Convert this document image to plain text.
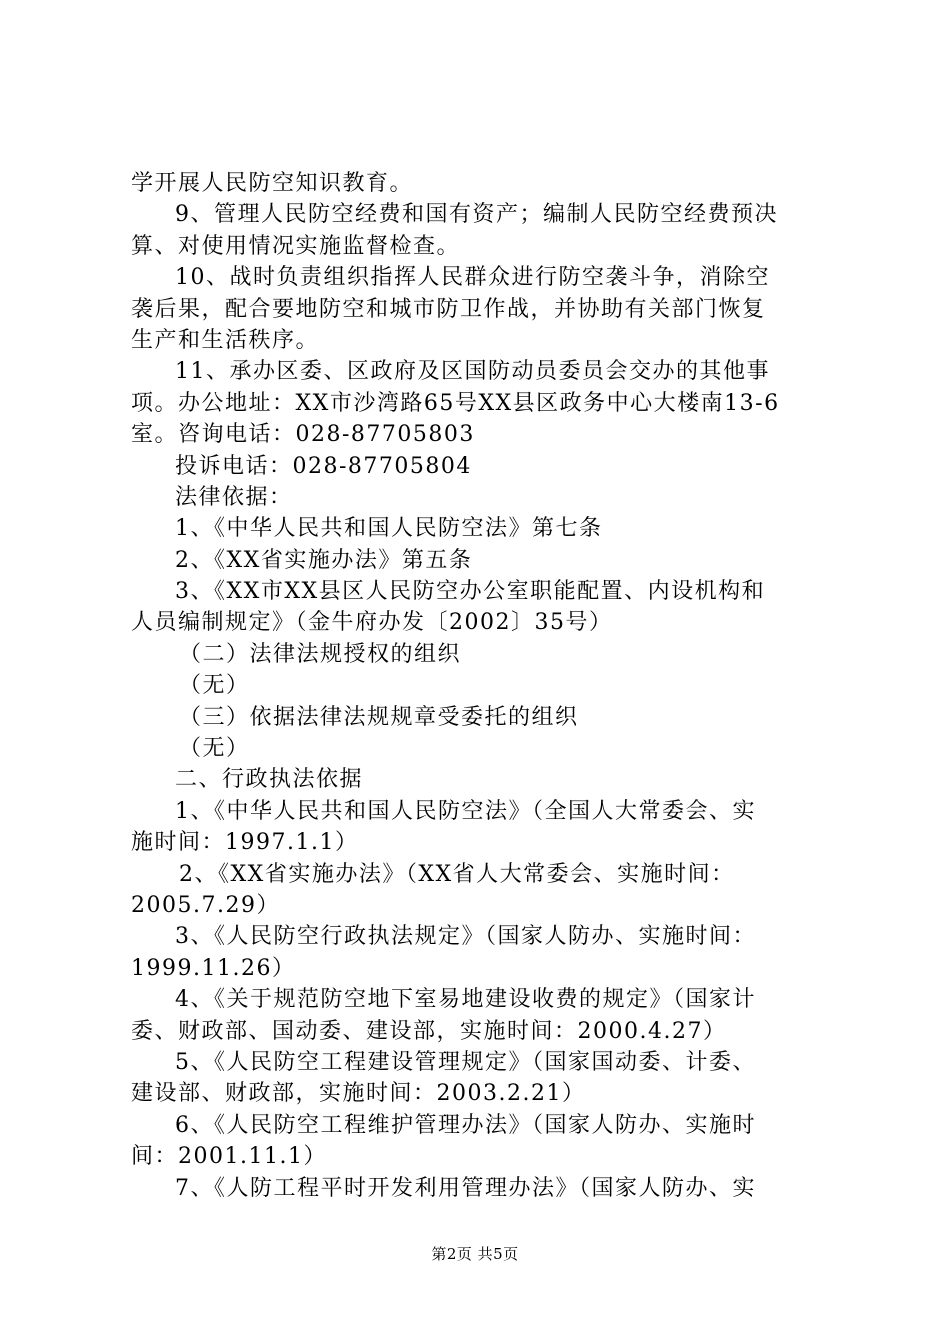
学开展人民防空知识教育。
9、管理人民防空经费和国有资产；编制人民防空经费预决
算、对使用情况实施监督检查。
10、战时负责组织指挥人民群众进行防空袭斗争，消除空
袭后果，配合要地防空和城市防卫作战，并协助有关部门恢复
生产和生活秩序。
11、承办区委、区政府及区国防动员委员会交办的其他事
项。办公地址：XX市沙湾路65号XX县区政务中心大楼南13-6
室。咨询电话：028-87705803
投诉电话：028-87705804
法律依据：
1、《中华人民共和国人民防空法》第七条
2、《XX省实施办法》第五条
3、《XX市XX县区人民防空办公室职能配置、内设机构和
人员编制规定》（金牛府办发〔2002〕35号）
（二）法律法规授权的组织
（无）
（三）依据法律法规规章受委托的组织
（无）
二、行政执法依据
1、《中华人民共和国人民防空法》（全国人大常委会、实
施时间：1997.1.1）
2、《XX省实施办法》（XX省人大常委会、实施时间：
2005.7.29）
3、《人民防空行政执法规定》（国家人防办、实施时间：
1999.11.26）
4、《关于规范防空地下室易地建设收费的规定》（国家计
委、财政部、国动委、建设部，实施时间：2000.4.27）
5、《人民防空工程建设管理规定》（国家国动委、计委、
建设部、财政部，实施时间：2003.2.21）
6、《人民防空工程维护管理办法》（国家人防办、实施时
间：2001.11.1）
7、《人防工程平时开发利用管理办法》（国家人防办、实
第2页 共5页
